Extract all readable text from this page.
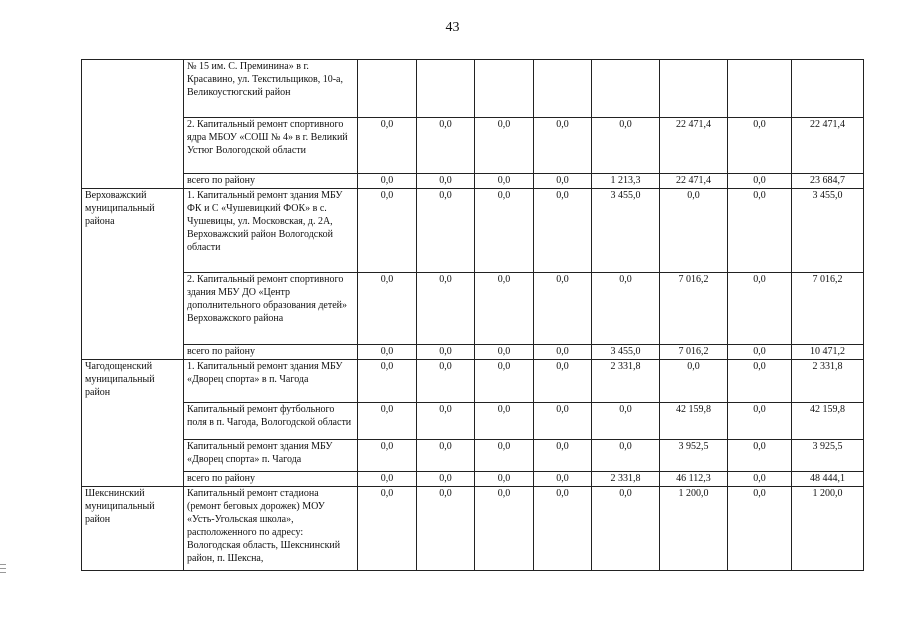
43
	№ 15 им. С. Преминина» в г. Красавино, ул. Текстильщиков, 10-а, Великоустюгский район								
	2. Капитальный ремонт спортивного ядра МБОУ «СОШ № 4» в г. Великий Устюг Вологодской области	0,0	0,0	0,0	0,0	0,0	22 471,4	0,0	22 471,4
	всего по району	0,0	0,0	0,0	0,0	1 213,3	22 471,4	0,0	23 684,7
Верховажский муниципальный района	1. Капитальный ремонт здания МБУ ФК и С «Чушевицкий ФОК» в с. Чушевицы, ул. Московская, д. 2А, Верховажский район Вологодской области	0,0	0,0	0,0	0,0	3 455,0	0,0	0,0	3 455,0
	2. Капитальный ремонт спортивного здания МБУ ДО «Центр дополнительного образования детей» Верховажского района	0,0	0,0	0,0	0,0	0,0	7 016,2	0,0	7 016,2
	всего по району	0,0	0,0	0,0	0,0	3 455,0	7 016,2	0,0	10 471,2
Чагодощенский муниципальный район	1. Капитальный ремонт здания МБУ «Дворец спорта» в п. Чагода	0,0	0,0	0,0	0,0	2 331,8	0,0	0,0	2 331,8
	Капитальный ремонт футбольного поля в п. Чагода, Вологодской области	0,0	0,0	0,0	0,0	0,0	42 159,8	0,0	42 159,8
	Капитальный ремонт здания МБУ «Дворец спорта» п. Чагода	0,0	0,0	0,0	0,0	0,0	3 952,5	0,0	3 925,5
	всего по району	0,0	0,0	0,0	0,0	2 331,8	46 112,3	0,0	48 444,1
Шекснинский муниципальный район	Капитальный ремонт стадиона (ремонт беговых дорожек) МОУ «Усть-Угольская школа», расположенного по адресу: Вологодская область, Шекснинский район, п. Шексна,	0,0	0,0	0,0	0,0	0,0	1 200,0	0,0	1 200,0
